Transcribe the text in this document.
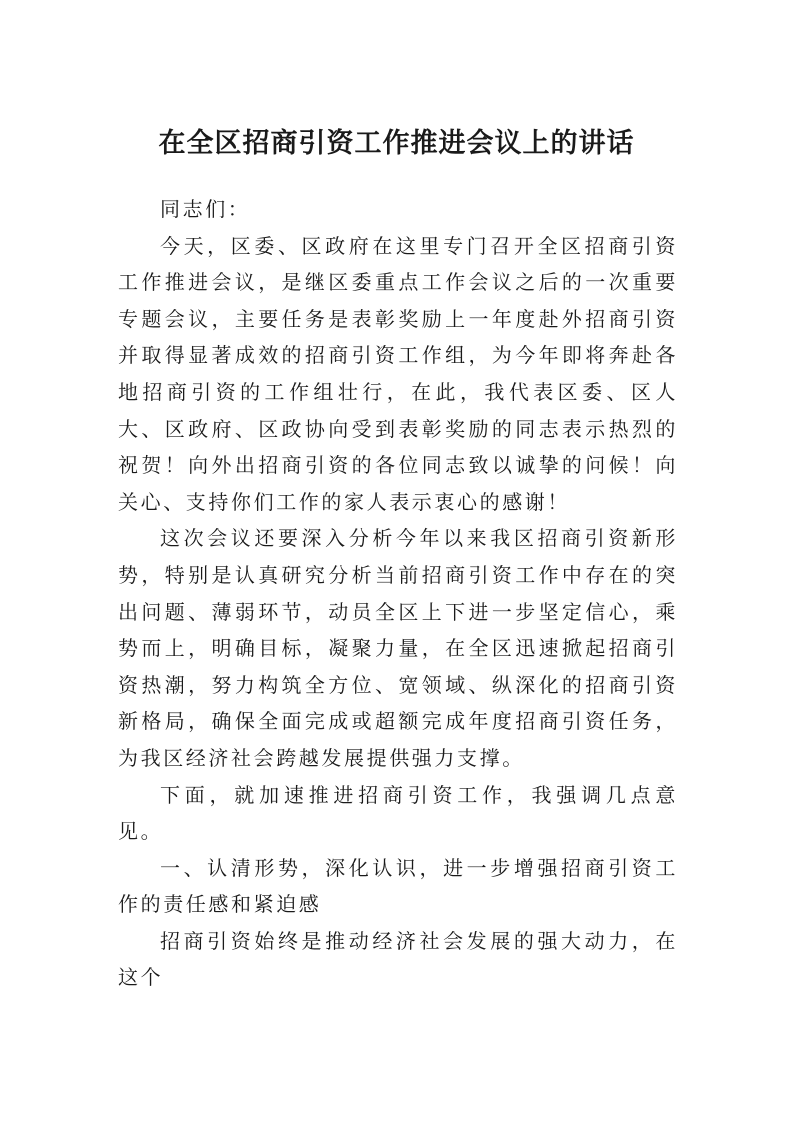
在全区招商引资工作推进会议上的讲话

同志们：

今天，区委、区政府在这里专门召开全区招商引资工作推进会议，是继区委重点工作会议之后的一次重要专题会议，主要任务是表彰奖励上一年度赴外招商引资并取得显著成效的招商引资工作组，为今年即将奔赴各地招商引资的工作组壮行，在此，我代表区委、区人大、区政府、区政协向受到表彰奖励的同志表示热烈的祝贺！向外出招商引资的各位同志致以诚挚的问候！向关心、支持你们工作的家人表示衷心的感谢！

这次会议还要深入分析今年以来我区招商引资新形势，特别是认真研究分析当前招商引资工作中存在的突出问题、薄弱环节，动员全区上下进一步坚定信心，乘势而上，明确目标，凝聚力量，在全区迅速掀起招商引资热潮，努力构筑全方位、宽领域、纵深化的招商引资新格局，确保全面完成或超额完成年度招商引资任务，为我区经济社会跨越发展提供强力支撑。

下面，就加速推进招商引资工作，我强调几点意见。

一、认清形势，深化认识，进一步增强招商引资工作的责任感和紧迫感

招商引资始终是推动经济社会发展的强大动力，在这个
